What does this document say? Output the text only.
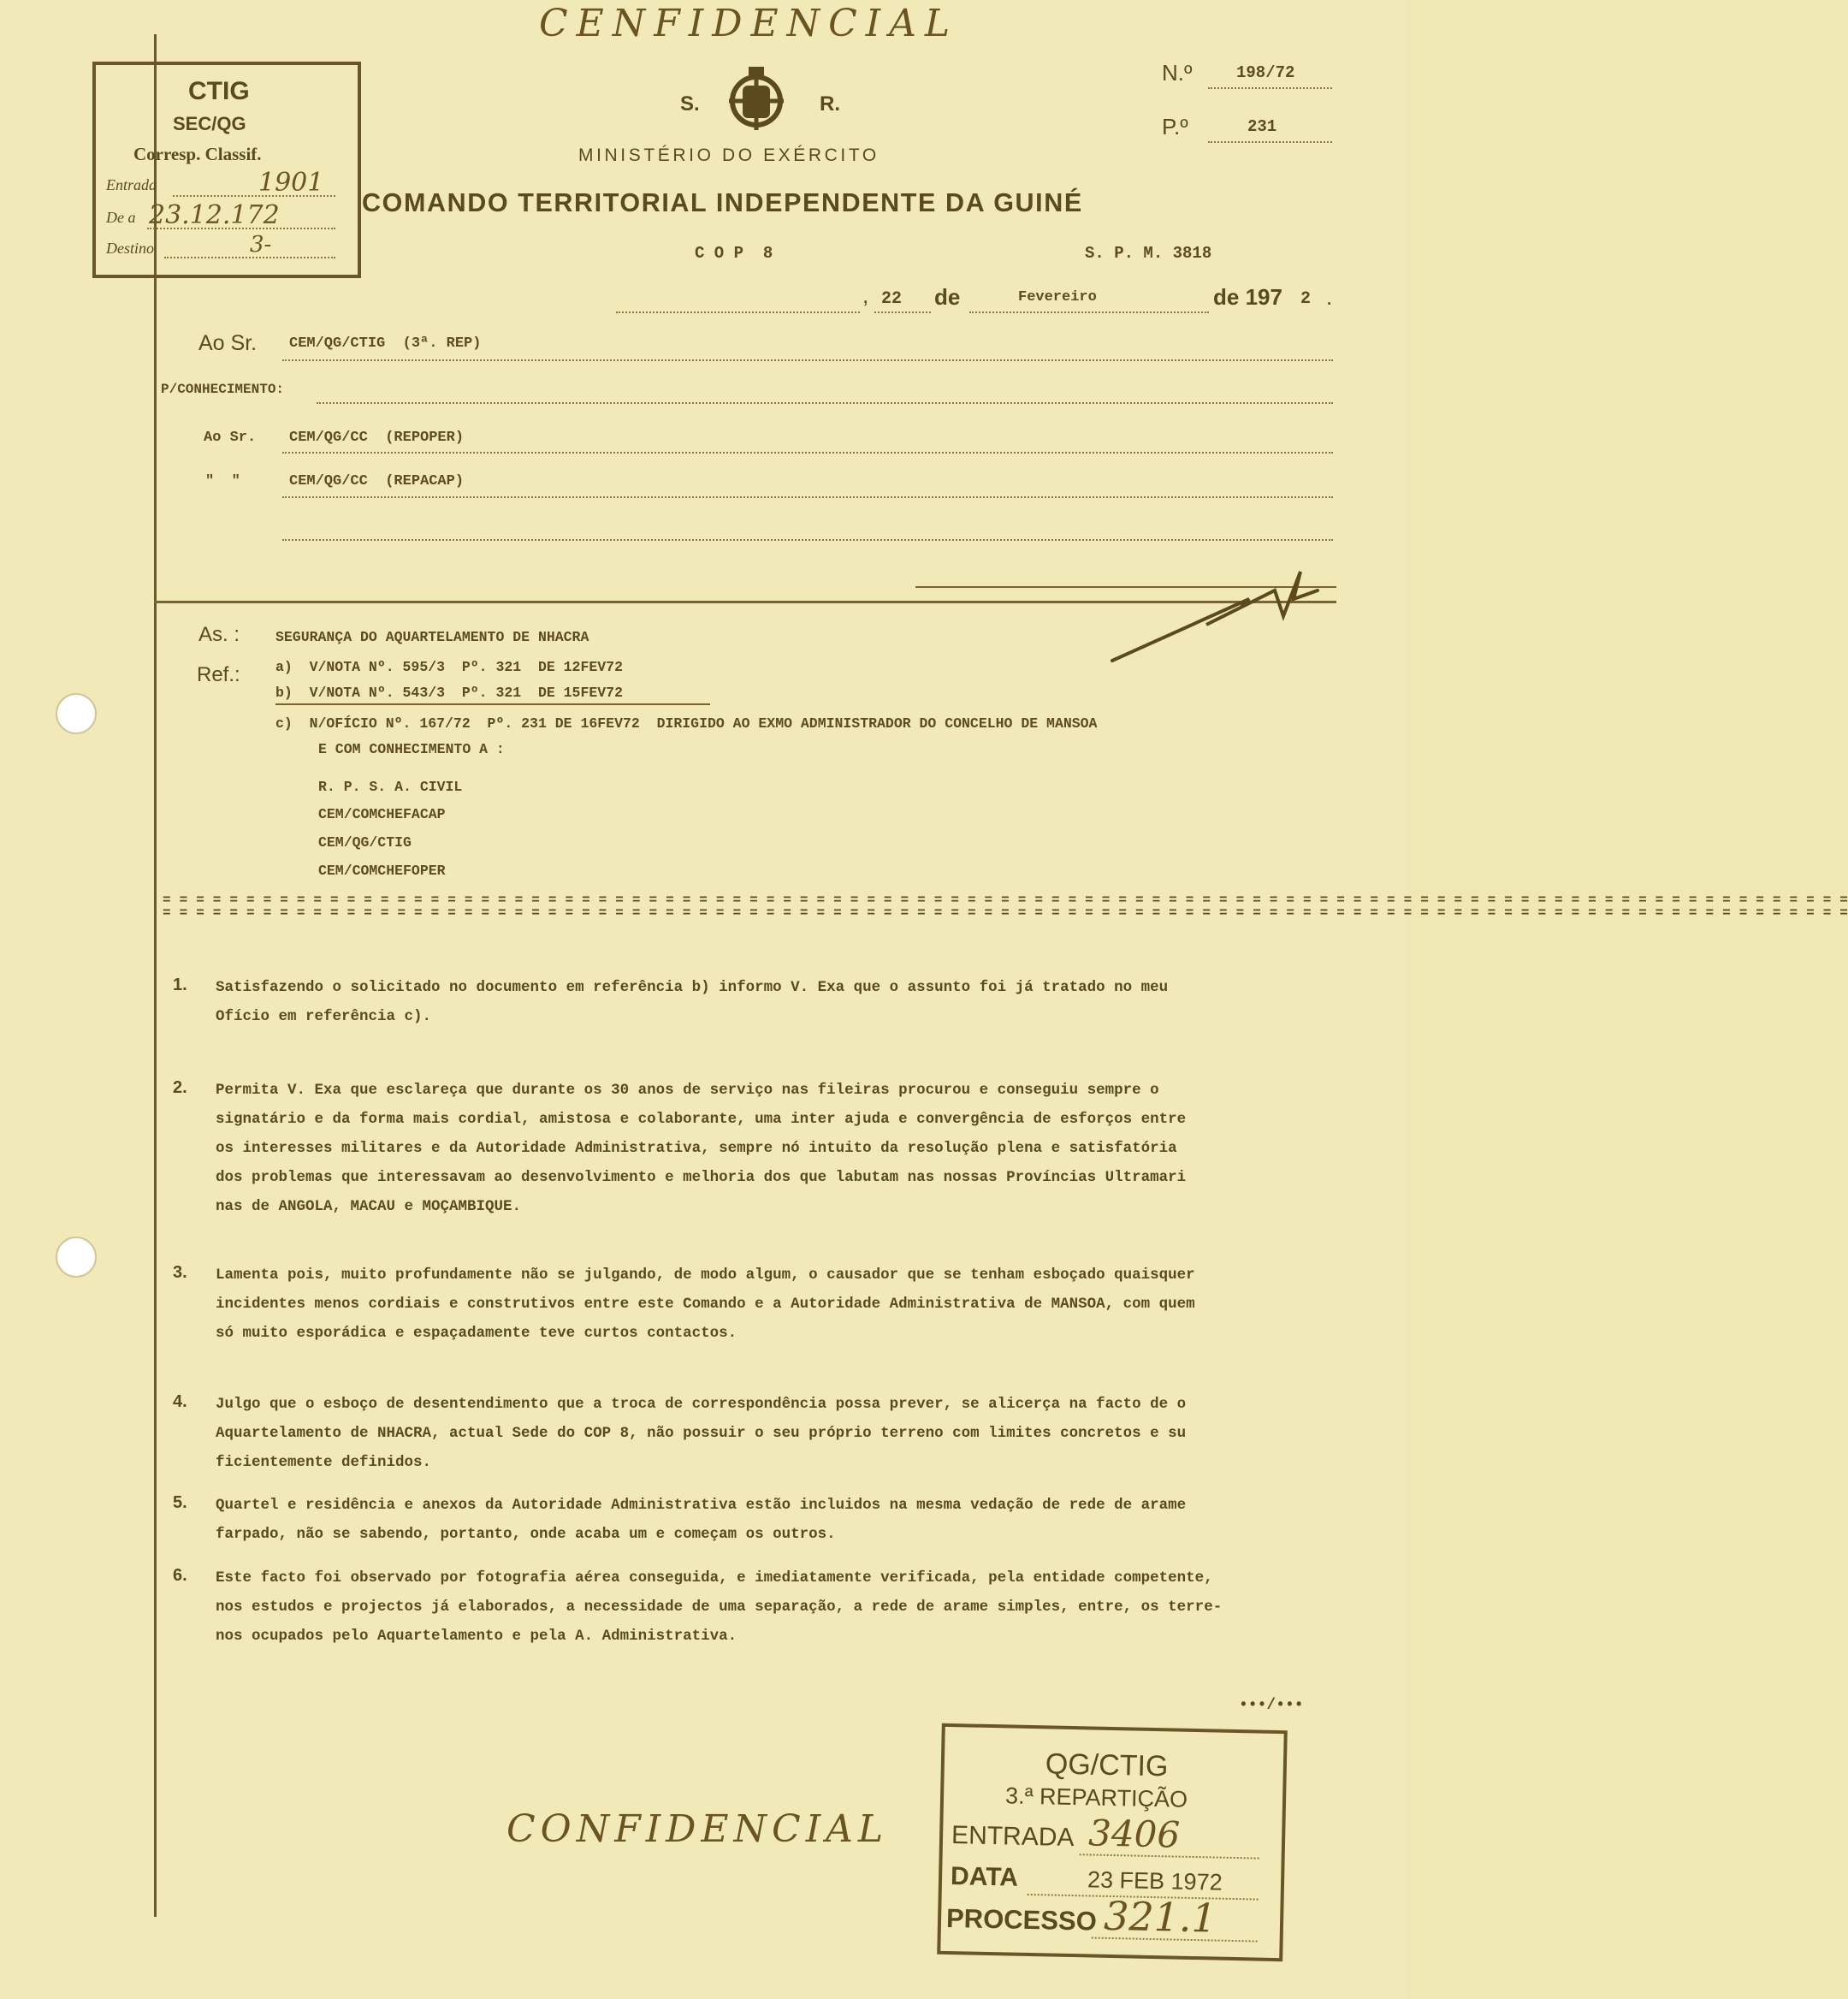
CENFIDENCIAL
CTIG
SEC/QG
Corresp. Classif.
Entrada	1901
De a 23.12.172
Destino	3-
S.	R.
MINISTÉRIO DO EXÉRCITO
COMANDO TERRITORIAL INDEPENDENTE DA GUINÉ
C O P  8	S. P. M. 3818
N.º	198/72
P.º	231
, 22 de	Fevereiro	de 197 2 .
Ao Sr. CEM/QG/CTIG  (3ª. REP)
P/CONHECIMENTO:
Ao Sr. CEM/QG/CC  (REPOPER)
"  "	CEM/QG/CC  (REPACAP)
As. :	SEGURANÇA DO AQUARTELAMENTO DE NHACRA
Ref.:	a)  V/NOTA Nº. 595/3  Pº. 321  DE 12FEV72
b)  V/NOTA Nº. 543/3  Pº. 321  DE 15FEV72
c)  N/OFÍCIO Nº. 167/72  Pº. 231 DE 16FEV72  DIRIGIDO AO EXMO ADMINISTRADOR DO CONCELHO DE MANSOA
E COM CONHECIMENTO A :
R. P. S. A. CIVIL
CEM/COMCHEFACAP
CEM/QG/CTIG
CEM/COMCHEFOPER
= = = = = = = = = = = = = = = = = = = = = = = = = = = = = = = = = = = = = = = = = = = = = = = = = = = = = = = = = = = = = = = = = = = = = = = = = = = = = = = = = = = = = = = = = = = = = = = = = = = = =
= = = = = = = = = = = = = = = = = = = = = = = = = = = = = = = = = = = = = = = = = = = = = = = = = = = = = = = = = = = = = = = = = = = = = = = = = = = = = = = = = = = = = = = = = = = = = = = = = = = = =
1. Satisfazendo o solicitado no documento em referência b) informo V. Exa que o assunto foi já tratado no meu
Ofício em referência c).
2. Permita V. Exa que esclareça que durante os 30 anos de serviço nas fileiras procurou e conseguiu sempre o
signatário e da forma mais cordial, amistosa e colaborante, uma inter ajuda e convergência de esforços entre
os interesses militares e da Autoridade Administrativa, sempre nó intuito da resolução plena e satisfatória
dos problemas que interessavam ao desenvolvimento e melhoria dos que labutam nas nossas Províncias Ultramari
nas de ANGOLA, MACAU e MOÇAMBIQUE.
3. Lamenta pois, muito profundamente não se julgando, de modo algum, o causador que se tenham esboçado quaisquer
incidentes menos cordiais e construtivos entre este Comando e a Autoridade Administrativa de MANSOA, com quem
só muito esporádica e espaçadamente teve curtos contactos.
4. Julgo que o esboço de desentendimento que a troca de correspondência possa prever, se alicerça na facto de o
Aquartelamento de NHACRA, actual Sede do COP 8, não possuir o seu próprio terreno com limites concretos e su
ficientemente definidos.
5. Quartel e residência e anexos da Autoridade Administrativa estão incluidos na mesma vedação de rede de arame
farpado, não se sabendo, portanto, onde acaba um e começam os outros.
6. Este facto foi observado por fotografia aérea conseguida, e imediatamente verificada, pela entidade competente,
nos estudos e projectos já elaborados, a necessidade de uma separação, a rede de arame simples, entre, os terre-
nos ocupados pelo Aquartelamento e pela A. Administrativa.
•••/•••
CONFIDENCIAL
QG/CTIG
3.ª REPARTIÇÃO
ENTRADA 3406
DATA	23 FEB 1972
PROCESSO 321.1
